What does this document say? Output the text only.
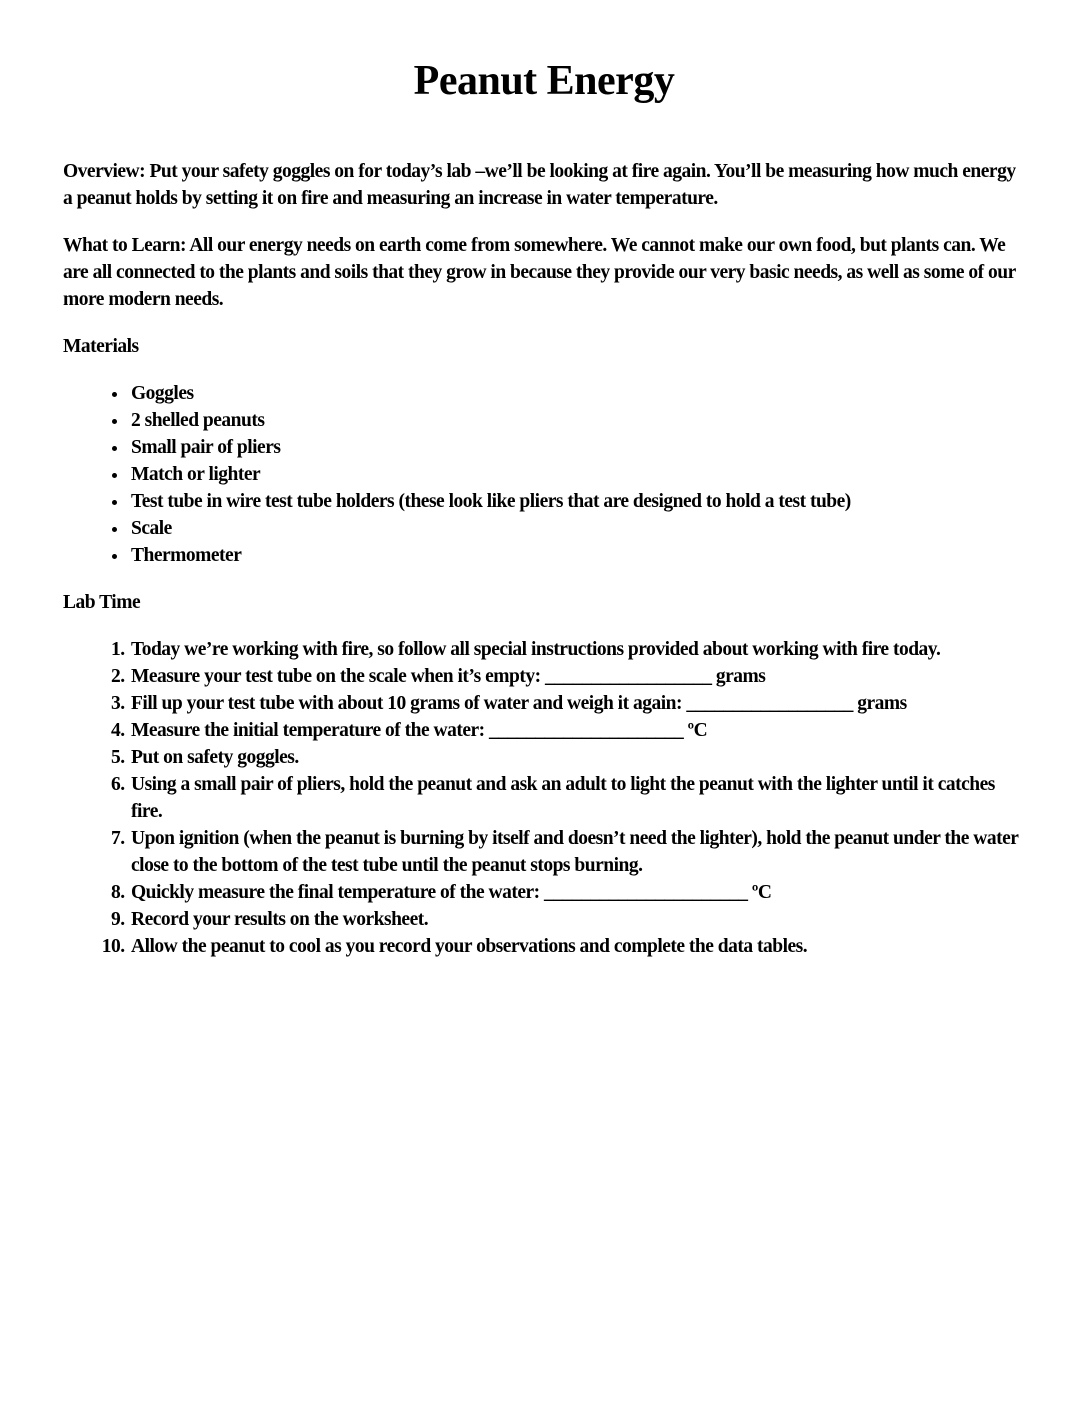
Peanut Energy

Overview: Put your safety goggles on for today’s lab –we’ll be looking at fire again. You’ll be measuring how much energy a peanut holds by setting it on fire and measuring an increase in water temperature.

What to Learn: All our energy needs on earth come from somewhere. We cannot make our own food, but plants can. We are all connected to the plants and soils that they grow in because they provide our very basic needs, as well as some of our more modern needs.

Materials
• Goggles
• 2 shelled peanuts
• Small pair of pliers
• Match or lighter
• Test tube in wire test tube holders (these look like pliers that are designed to hold a test tube)
• Scale
• Thermometer
Lab Time
1. Today we’re working with fire, so follow all special instructions provided about working with fire today.
2. Measure your test tube on the scale when it’s empty: __________________ grams
3. Fill up your test tube with about 10 grams of water and weigh it again: __________________ grams
4. Measure the initial temperature of the water: _____________________ ºC
5. Put on safety goggles.
6. Using a small pair of pliers, hold the peanut and ask an adult to light the peanut with the lighter until it catches fire.
7. Upon ignition (when the peanut is burning by itself and doesn’t need the lighter), hold the peanut under the water close to the bottom of the test tube until the peanut stops burning.
8. Quickly measure the final temperature of the water: ______________________ ºC
9. Record your results on the worksheet.
10. Allow the peanut to cool as you record your observations and complete the data tables.
